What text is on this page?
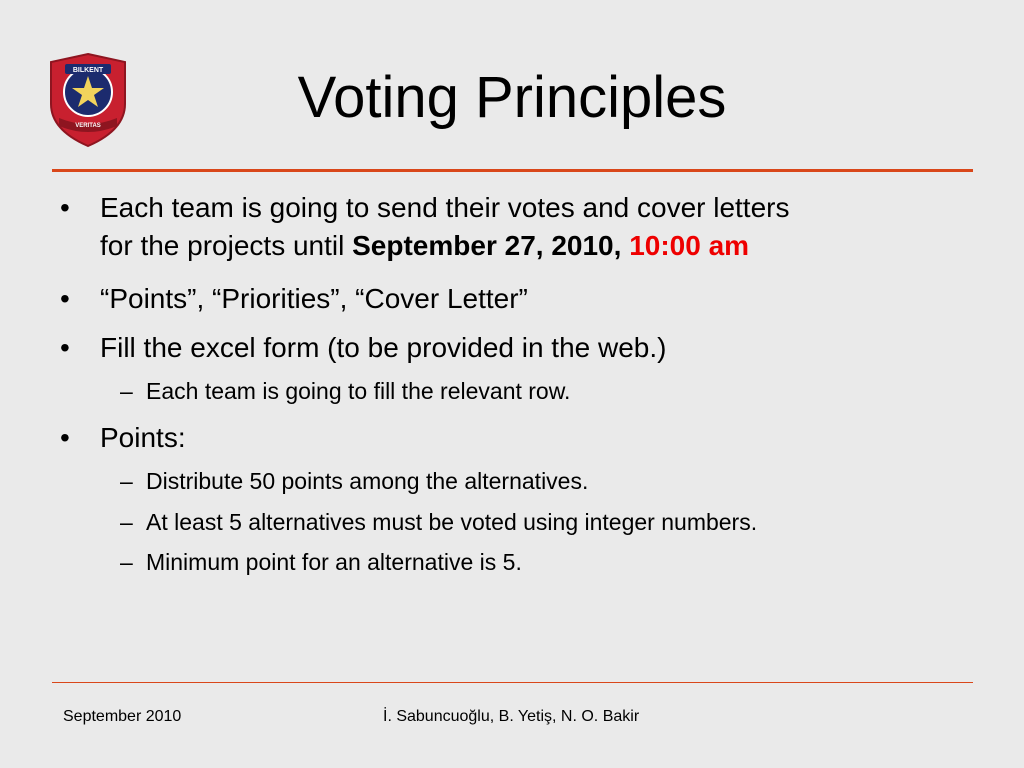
BILKENT
VERITAS	Voting Principles
• Each team is going to send their votes and cover letters
for the projects until September 27, 2010, 10:00 am
• “Points”, “Priorities”, “Cover Letter”
• Fill the excel form (to be provided in the web.)
– Each team is going to fill the relevant row.
• Points:
– Distribute 50 points among the alternatives.
– At least 5 alternatives must be voted using integer numbers.
– Minimum point for an alternative is 5.
September 2010	İ. Sabuncuoğlu, B. Yetiş, N. O. Bakir
